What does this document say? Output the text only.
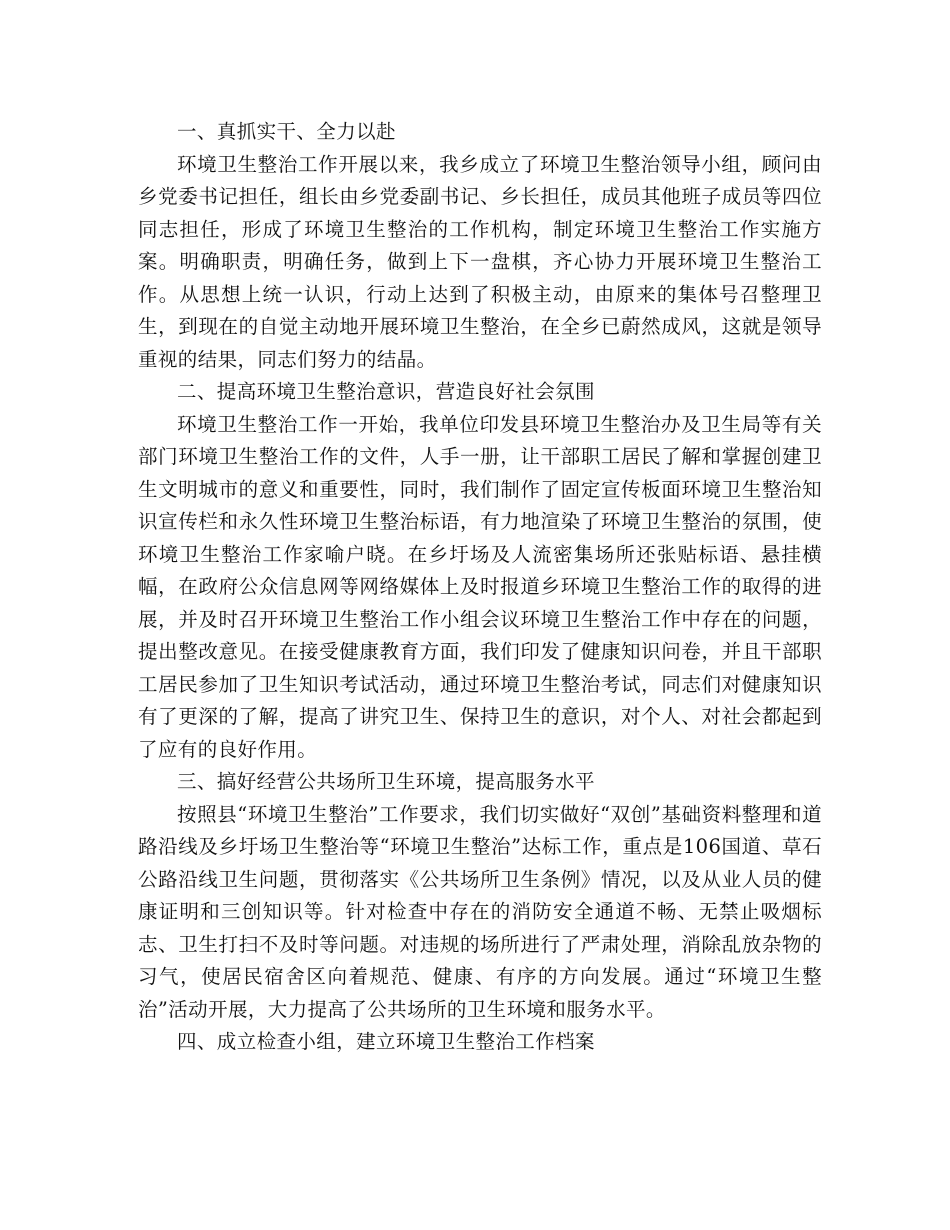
一、真抓实干、全力以赴

环境卫生整治工作开展以来，我乡成立了环境卫生整治领导小组，顾问由乡党委书记担任，组长由乡党委副书记、乡长担任，成员其他班子成员等四位同志担任，形成了环境卫生整治的工作机构，制定环境卫生整治工作实施方案。明确职责，明确任务，做到上下一盘棋，齐心协力开展环境卫生整治工作。从思想上统一认识，行动上达到了积极主动，由原来的集体号召整理卫生，到现在的自觉主动地开展环境卫生整治，在全乡已蔚然成风，这就是领导重视的结果，同志们努力的结晶。

二、提高环境卫生整治意识，营造良好社会氛围

环境卫生整治工作一开始，我单位印发县环境卫生整治办及卫生局等有关部门环境卫生整治工作的文件，人手一册，让干部职工居民了解和掌握创建卫生文明城市的意义和重要性，同时，我们制作了固定宣传板面环境卫生整治知识宣传栏和永久性环境卫生整治标语，有力地渲染了环境卫生整治的氛围，使环境卫生整治工作家喻户晓。在乡圩场及人流密集场所还张贴标语、悬挂横幅，在政府公众信息网等网络媒体上及时报道乡环境卫生整治工作的取得的进展，并及时召开环境卫生整治工作小组会议环境卫生整治工作中存在的问题，提出整改意见。在接受健康教育方面，我们印发了健康知识问卷，并且干部职工居民参加了卫生知识考试活动，通过环境卫生整治考试，同志们对健康知识有了更深的了解，提高了讲究卫生、保持卫生的意识，对个人、对社会都起到了应有的良好作用。

三、搞好经营公共场所卫生环境，提高服务水平

按照县“环境卫生整治”工作要求，我们切实做好“双创”基础资料整理和道路沿线及乡圩场卫生整治等“环境卫生整治”达标工作，重点是106国道、草石公路沿线卫生问题，贯彻落实《公共场所卫生条例》情况，以及从业人员的健康证明和三创知识等。针对检查中存在的消防安全通道不畅、无禁止吸烟标志、卫生打扫不及时等问题。对违规的场所进行了严肃处理，消除乱放杂物的习气，使居民宿舍区向着规范、健康、有序的方向发展。通过“环境卫生整治”活动开展，大力提高了公共场所的卫生环境和服务水平。

四、成立检查小组，建立环境卫生整治工作档案
